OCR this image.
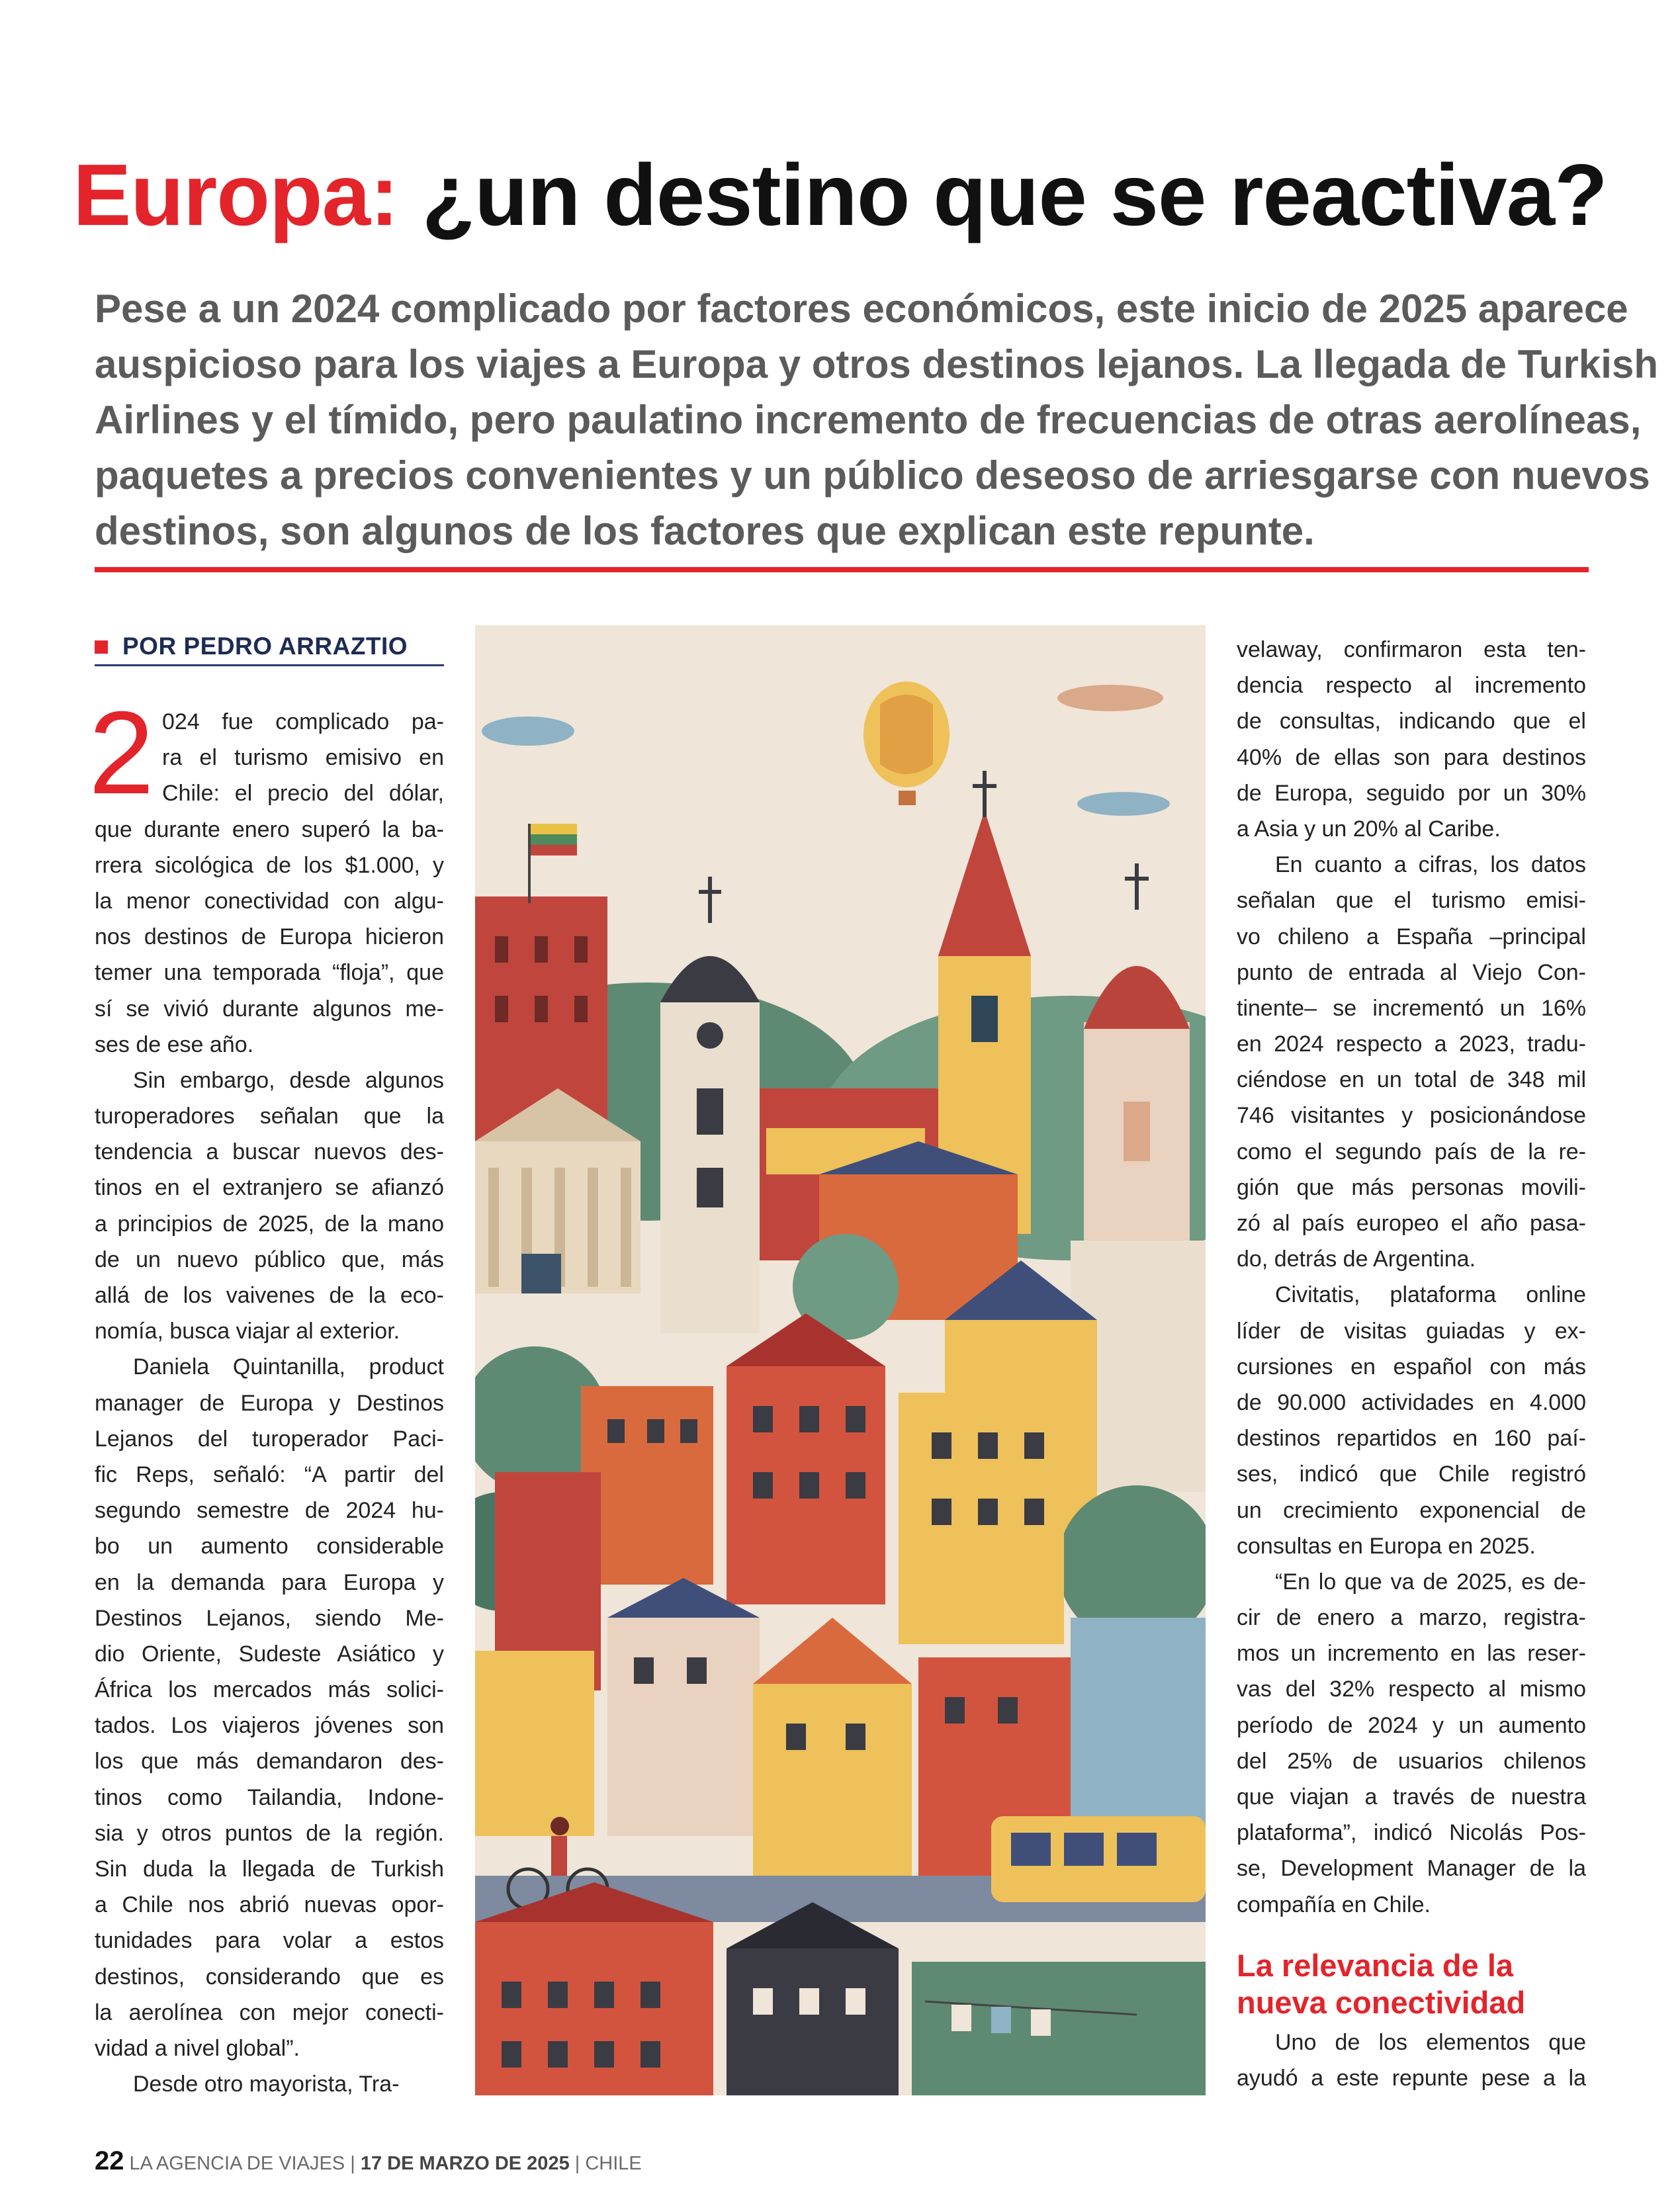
Europa: ¿un destino que se reactiva?
Pese a un 2024 complicado por factores económicos, este inicio de 2025 aparece
auspicioso para los viajes a Europa y otros destinos lejanos. La llegada de Turkish
Airlines y el tímido, pero paulatino incremento de frecuencias de otras aerolíneas,
paquetes a precios convenientes y un público deseoso de arriesgarse con nuevos
destinos, son algunos de los factores que explican este repunte.
POR PEDRO ARRAZTIO
2 024 fue complicado pa-
ra el turismo emisivo en
Chile: el precio del dólar,
que durante enero superó la ba-
rrera sicológica de los $1.000, y
la menor conectividad con algu-
nos destinos de Europa hicieron
temer una temporada “floja”, que
sí se vivió durante algunos me-
ses de ese año.
Sin embargo, desde algunos
turoperadores señalan que la
tendencia a buscar nuevos des-
tinos en el extranjero se afianzó
a principios de 2025, de la mano
de un nuevo público que, más
allá de los vaivenes de la eco-
nomía, busca viajar al exterior.
Daniela Quintanilla, product
manager de Europa y Destinos
Lejanos del turoperador Paci-
fic Reps, señaló: “A partir del
segundo semestre de 2024 hu-
bo un aumento considerable
en la demanda para Europa y
Destinos Lejanos, siendo Me-
dio Oriente, Sudeste Asiático y
África los mercados más solici-
tados. Los viajeros jóvenes son
los que más demandaron des-
tinos como Tailandia, Indone-
sia y otros puntos de la región.
Sin duda la llegada de Turkish
a Chile nos abrió nuevas opor-
tunidades para volar a estos
destinos, considerando que es
la aerolínea con mejor conecti-
vidad a nivel global”.
Desde otro mayorista, Tra-
velaway, confirmaron esta ten-
dencia respecto al incremento
de consultas, indicando que el
40% de ellas son para destinos
de Europa, seguido por un 30%
a Asia y un 20% al Caribe.
En cuanto a cifras, los datos
señalan que el turismo emisi-
vo chileno a España –principal
punto de entrada al Viejo Con-
tinente– se incrementó un 16%
en 2024 respecto a 2023, tradu-
ciéndose en un total de 348 mil
746 visitantes y posicionándose
como el segundo país de la re-
gión que más personas movili-
zó al país europeo el año pasa-
do, detrás de Argentina.
Civitatis, plataforma online
líder de visitas guiadas y ex-
cursiones en español con más
de 90.000 actividades en 4.000
destinos repartidos en 160 paí-
ses, indicó que Chile registró
un crecimiento exponencial de
consultas en Europa en 2025.
“En lo que va de 2025, es de-
cir de enero a marzo, registra-
mos un incremento en las reser-
vas del 32% respecto al mismo
período de 2024 y un aumento
del 25% de usuarios chilenos
que viajan a través de nuestra
plataforma”, indicó Nicolás Pos-
se, Development Manager de la
compañía en Chile.
La relevancia de la
nueva conectividad
Uno de los elementos que
ayudó a este repunte pese a la
22 LA AGENCIA DE VIAJES | 17 DE MARZO DE 2025 | CHILE
